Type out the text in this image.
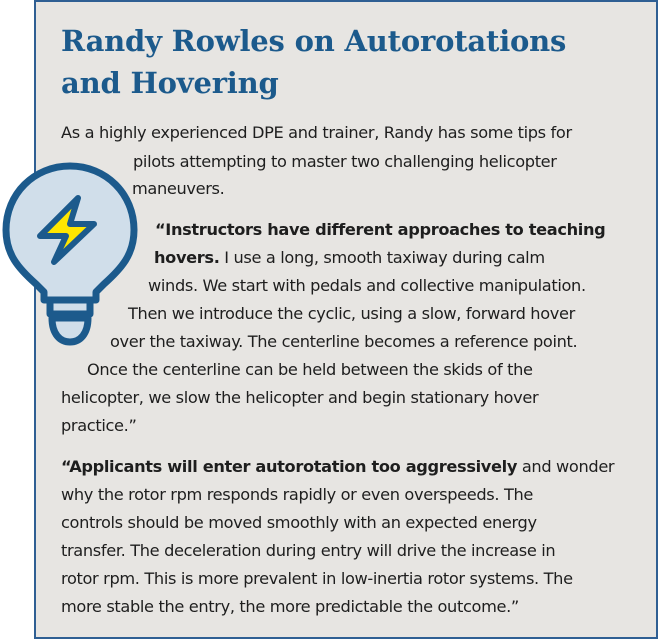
Randy Rowles on Autorotations
and Hovering
As a highly experienced DPE and trainer, Randy has some tips for
pilots attempting to master two challenging helicopter
maneuvers.
“Instructors have different approaches to teaching
hovers. I use a long, smooth taxiway during calm
winds. We start with pedals and collective manipulation.
Then we introduce the cyclic, using a slow, forward hover
over the taxiway. The centerline becomes a reference point.
Once the centerline can be held between the skids of the
helicopter, we slow the helicopter and begin stationary hover
practice.”
“Applicants will enter autorotation too aggressively and wonder
why the rotor rpm responds rapidly or even overspeeds. The
controls should be moved smoothly with an expected energy
transfer. The deceleration during entry will drive the increase in
rotor rpm. This is more prevalent in low-inertia rotor systems. The
more stable the entry, the more predictable the outcome.”
